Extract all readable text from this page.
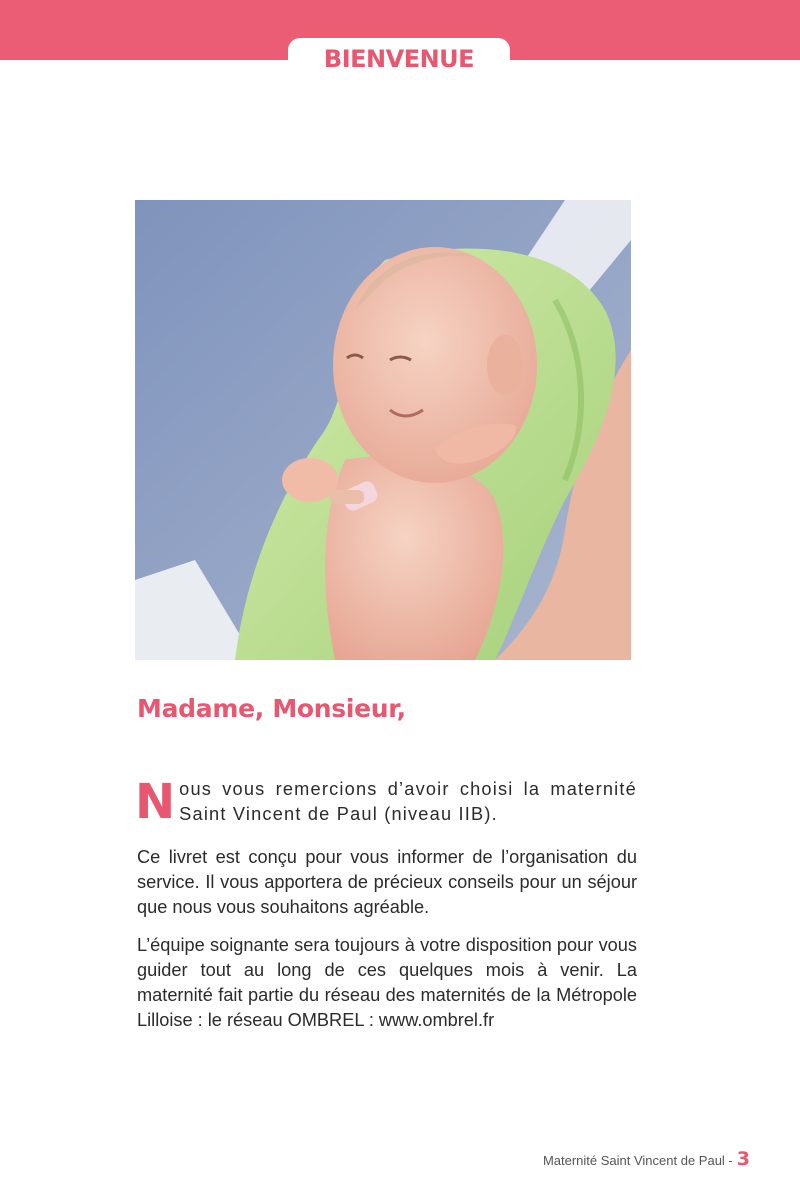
BIENVENUE
Madame, Monsieur,

Nous vous remercions d’avoir choisi la maternité Saint Vincent de Paul (niveau IIB).

Ce livret est conçu pour vous informer de l’organisation du service. Il vous apportera de précieux conseils pour un séjour que nous vous souhaitons agréable.

L’équipe soignante sera toujours à votre disposition pour vous guider tout au long de ces quelques mois à venir. La maternité fait partie du réseau des maternités de la Métropole Lilloise : le réseau OMBREL : www.ombrel.fr

Maternité Saint Vincent de Paul - 3
